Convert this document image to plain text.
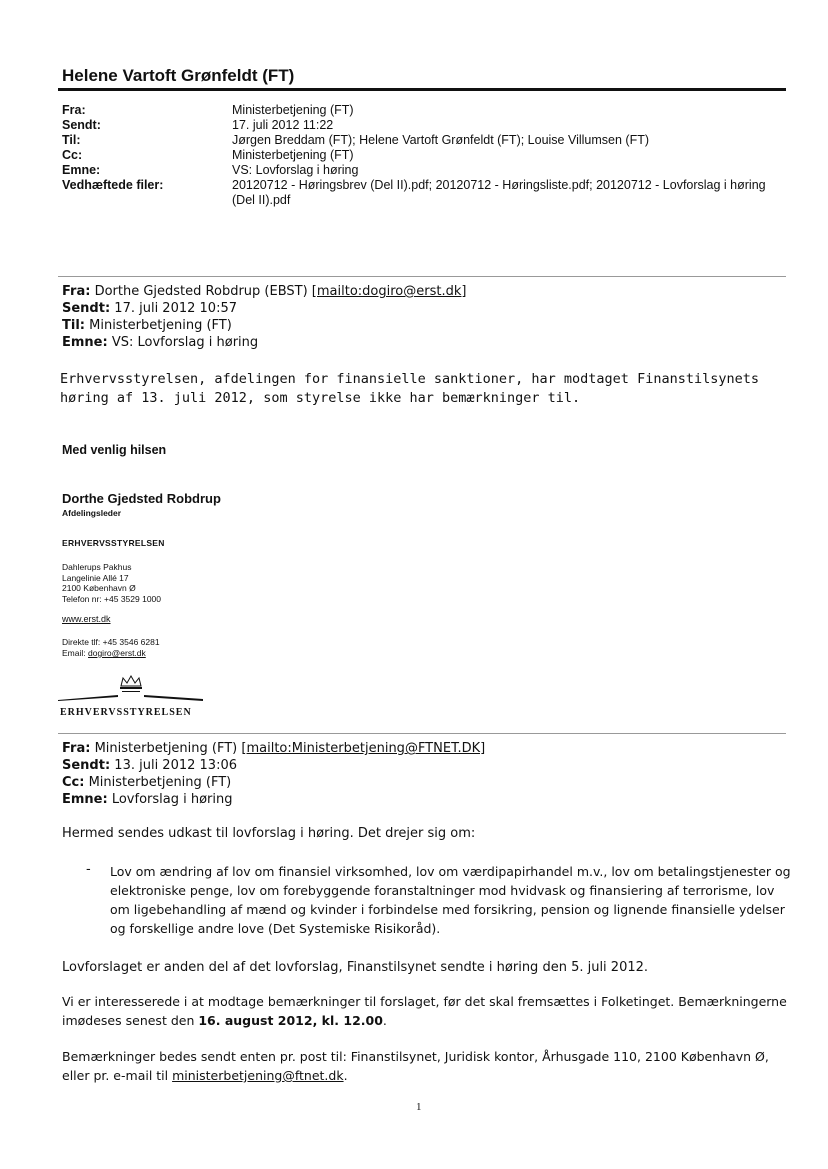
Helene Vartoft Grønfeldt (FT)
Fra:	Ministerbetjening (FT)
Sendt:	17. juli 2012 11:22
Til:	Jørgen Breddam (FT); Helene Vartoft Grønfeldt (FT); Louise Villumsen (FT)
Cc:	Ministerbetjening (FT)
Emne:	VS: Lovforslag i høring
Vedhæftede filer:	20120712 - Høringsbrev (Del II).pdf; 20120712 - Høringsliste.pdf; 20120712 - Lovforslag i høring (Del II).pdf
Fra: Dorthe Gjedsted Robdrup (EBST) [mailto:dogiro@erst.dk]
Sendt: 17. juli 2012 10:57
Til: Ministerbetjening (FT)
Emne: VS: Lovforslag i høring
Erhvervsstyrelsen, afdelingen for finansielle sanktioner, har modtaget Finanstilsynets høring af 13. juli 2012, som styrelse ikke har bemærkninger til.
Med venlig hilsen
Dorthe Gjedsted Robdrup
Afdelingsleder
ERHVERVSSTYRELSEN
Dahlerups Pakhus
Langelinie Allé 17
2100 København Ø
Telefon nr: +45 3529 1000
www.erst.dk
Direkte tlf: +45 3546 6281
Email: dogiro@erst.dk
ERHVERVSSTYRELSEN
Fra: Ministerbetjening (FT) [mailto:Ministerbetjening@FTNET.DK]
Sendt: 13. juli 2012 13:06
Cc: Ministerbetjening (FT)
Emne: Lovforslag i høring
Hermed sendes udkast til lovforslag i høring. Det drejer sig om:
- Lov om ændring af lov om finansiel virksomhed, lov om værdipapirhandel m.v., lov om betalingstjenester og elektroniske penge, lov om forebyggende foranstaltninger mod hvidvask og finansiering af terrorisme, lov om ligebehandling af mænd og kvinder i forbindelse med forsikring, pension og lignende finansielle ydelser og forskellige andre love (Det Systemiske Risikoråd).
Lovforslaget er anden del af det lovforslag, Finanstilsynet sendte i høring den 5. juli 2012.
Vi er interesserede i at modtage bemærkninger til forslaget, før det skal fremsættes i Folketinget. Bemærkningerne imødeses senest den 16. august 2012, kl. 12.00.
Bemærkninger bedes sendt enten pr. post til: Finanstilsynet, Juridisk kontor, Århusgade 110, 2100 København Ø, eller pr. e-mail til ministerbetjening@ftnet.dk.
1
